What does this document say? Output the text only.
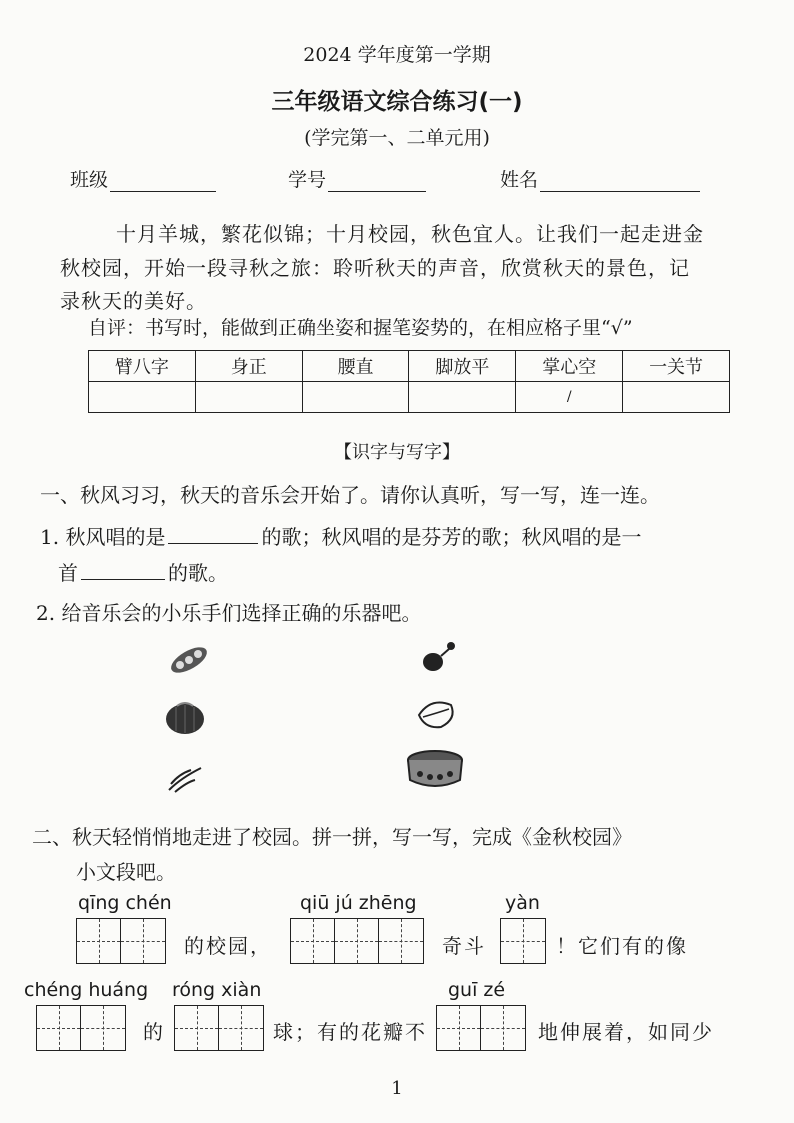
2024 学年度第一学期
三年级语文综合练习(一)
(学完第一、二单元用)
班级	学号	姓名
十月羊城，繁花似锦；十月校园，秋色宜人。让我们一起走进金
秋校园，开始一段寻秋之旅：聆听秋天的声音，欣赏秋天的景色，记
录秋天的美好。
自评：书写时，能做到正确坐姿和握笔姿势的，在相应格子里“√”
臂八字	身正	腰直	脚放平	掌心空	一关节
				/	
【识字与写字】
一、秋风习习，秋天的音乐会开始了。请你认真听，写一写，连一连。
1. 秋风唱的是	的歌；秋风唱的是芬芳的歌；秋风唱的是一
首	的歌。
2. 给音乐会的小乐手们选择正确的乐器吧。
二、秋天轻悄悄地走进了校园。拼一拼，写一写，完成《金秋校园》
小文段吧。
qīng chén	qiū jú zhēng	yàn
的校园，	奇斗	！它们有的像
chéng huáng róng xiàn	guī zé
的	球；有的花瓣不	地伸展着，如同少
1
